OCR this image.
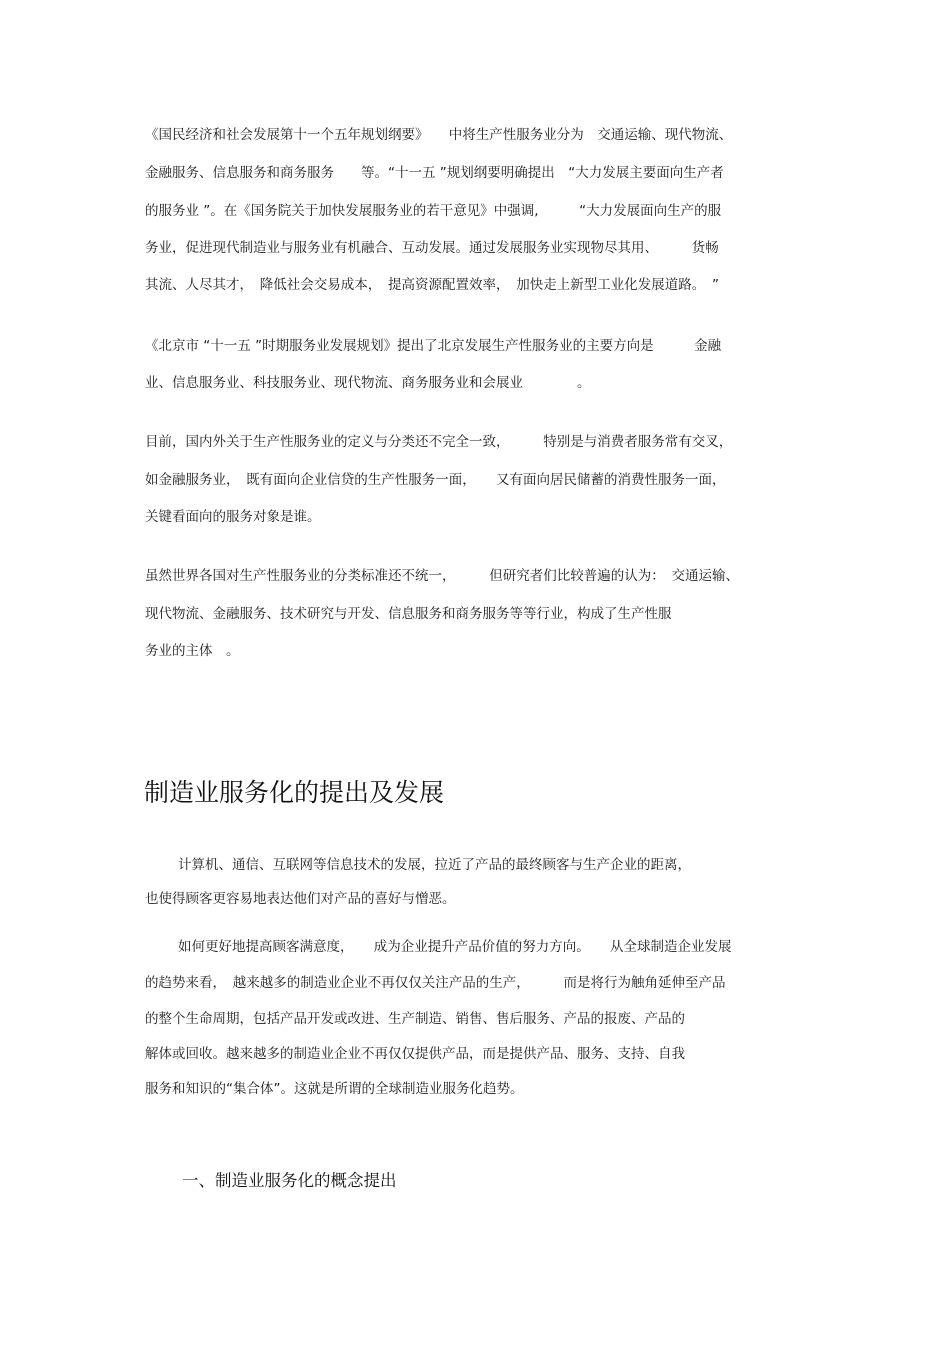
《国民经济和社会发展第十一个五年规划纲要》　　中将生产性服务业分为　交通运输、现代物流、
金融服务、信息服务和商务服务　　等。“十一五 ”规划纲要明确提出　“大力发展主要面向生产者
的服务业 ”。在《国务院关于加快发展服务业的若干意见》中强调,　　　“大力发展面向生产的服
务业，促进现代制造业与服务业有机融合、互动发展。通过发展服务业实现物尽其用、　　　货畅
其流、人尽其才，　降低社会交易成本，　提高资源配置效率，　加快走上新型工业化发展道路。　”
《北京市 “十一五 ”时期服务业发展规划》提出了北京发展生产性服务业的主要方向是　　　金融
业、信息服务业、科技服务业、现代物流、商务服务业和会展业　　　　。
目前，国内外关于生产性服务业的定义与分类还不完全一致，　　　特别是与消费者服务常有交叉，
如金融服务业，　既有面向企业信贷的生产性服务一面，　　又有面向居民储蓄的消费性服务一面，
关键看面向的服务对象是谁。
虽然世界各国对生产性服务业的分类标准还不统一，　　　但研究者们比较普遍的认为：　交通运输、
现代物流、金融服务、技术研究与开发、信息服务和商务服务等等行业，构成了生产性服
务业的主体　。
制造业服务化的提出及发展
计算机、通信、互联网等信息技术的发展，拉近了产品的最终顾客与生产企业的距离，
也使得顾客更容易地表达他们对产品的喜好与憎恶。
如何更好地提高顾客满意度，　　成为企业提升产品价值的努力方向。　　从全球制造企业发展
的趋势来看，　越来越多的制造业企业不再仅仅关注产品的生产，　　　而是将行为触角延伸至产品
的整个生命周期，包括产品开发或改进、生产制造、销售、售后服务、产品的报废、产品的
解体或回收。越来越多的制造业企业不再仅仅提供产品，而是提供产品、服务、支持、自我
服务和知识的“集合体”。这就是所谓的全球制造业服务化趋势。
一、制造业服务化的概念提出
